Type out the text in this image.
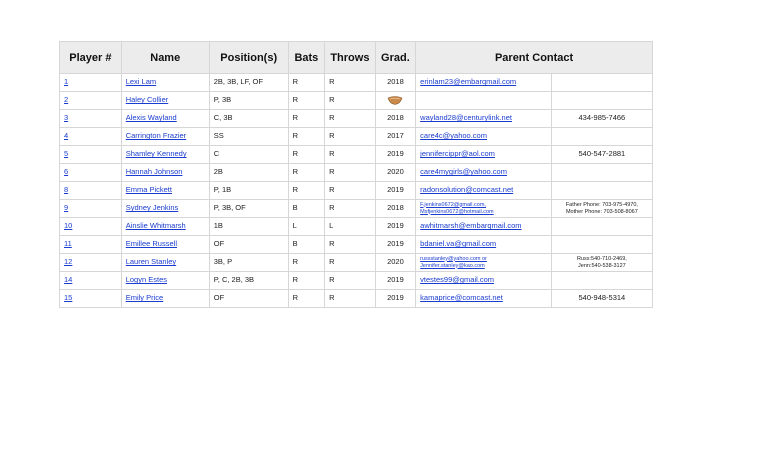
Player #	Name	Position(s)	Bats	Throws	Grad.	Parent Contact	
1	Lexi Lam	2B, 3B, LF, OF	R	R	2018	erinlam23@embarqmail.com	
2	Haley Collier	P, 3B	R	R			
3	Alexis Wayland	C, 3B	R	R	2018	wayland28@centurylink.net	434-985-7466
4	Carrington Frazier	SS	R	R	2017	care4c@yahoo.com	
5	Shamley Kennedy	C	R	R	2019	jennifercippr@aol.com	540-547-2881
6	Hannah Johnson	2B	R	R	2020	care4mygirls@yahoo.com	
8	Emma Pickett	P, 1B	R	R	2019	radonsolution@comcast.net	
9	Sydney Jenkins	P, 3B, OF	B	R	2018	F.jenkins0672@gmail.com,
Msfjenkins0672@hotmail.com	Father Phone: 703-975-4970,
Mother Phone: 703-508-8067

10	Ainslie Whitmarsh	1B	L	L	2019	awhitmarsh@embarqmail.com	
11	Emillee Russell	OF	B	R	2019	bdaniel.va@gmail.com	
12	Lauren Stanley	3B, P	R	R	2020	russstanley@yahoo.com or
Jennifer.stanley@kao.com	Russ:540-710-2469,
Jenn:540-538-3127

14	Logyn Estes	P, C, 2B, 3B	R	R	2019	vtestes99@gmail.com	
15	Emily Price	OF	R	R	2019	kamaprice@comcast.net	540-948-5314
